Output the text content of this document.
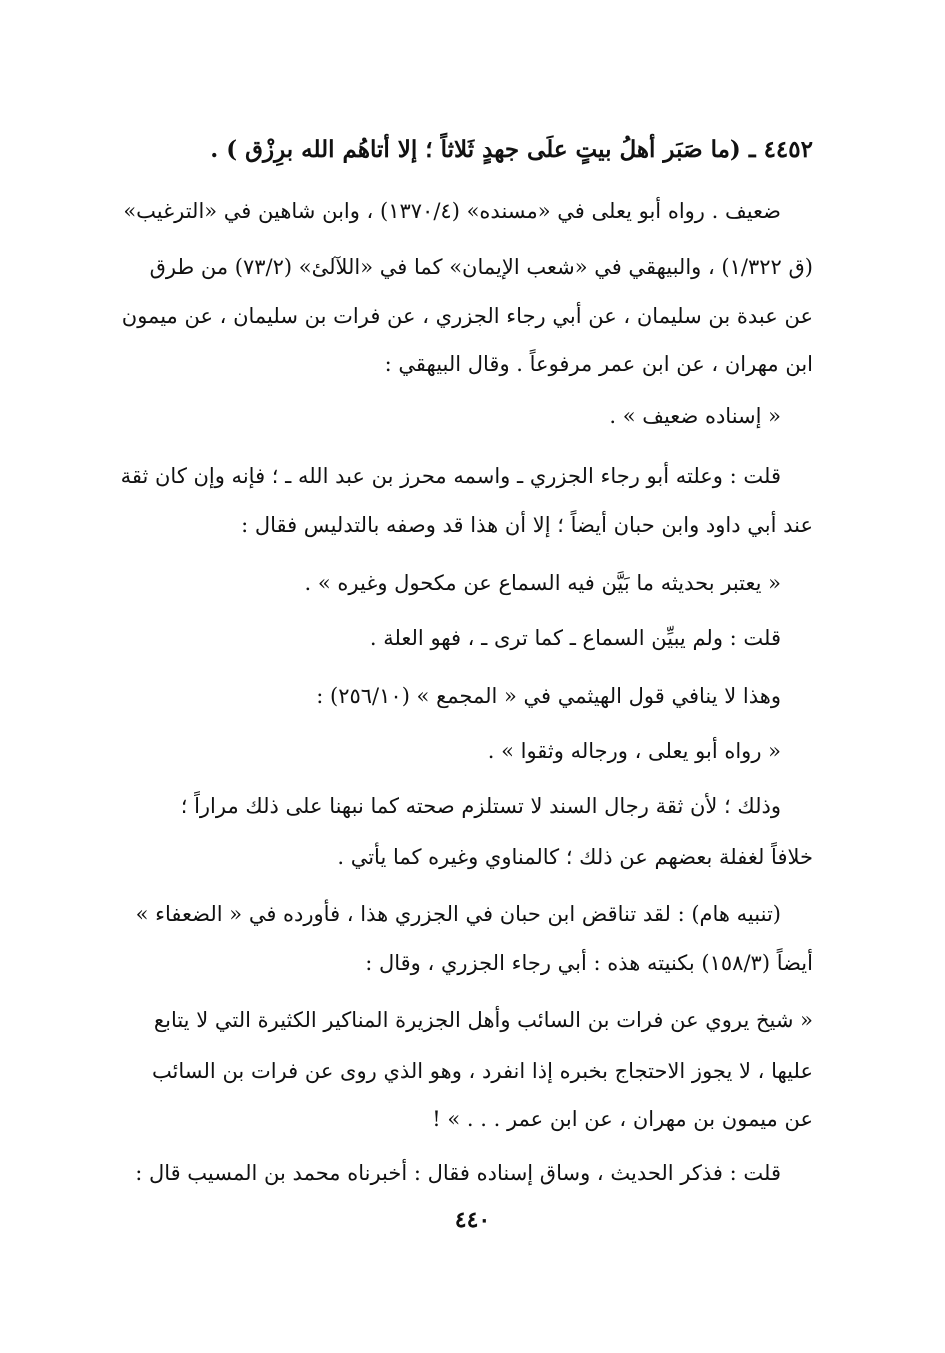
٤٤٥٢ ـ (ما صَبَر أهلُ بيتٍ علَى جهدٍ ثَلاثاً ؛ إلا أتاهُم الله برِزْق ) .
ضعيف . رواه أبو يعلى في «مسنده» (١٣٧٠/٤) ، وابن شاهين في «الترغيب»
(ق ١/٣٢٢) ، والبيهقي في «شعب الإيمان» كما في «اللآلئ» (٧٣/٢) من طرق
عن عبدة بن سليمان ، عن أبي رجاء الجزري ، عن فرات بن سليمان ، عن ميمون
ابن مهران ، عن ابن عمر مرفوعاً . وقال البيهقي :
« إسناده ضعيف » .
قلت : وعلته أبو رجاء الجزري ـ واسمه محرز بن عبد الله ـ ؛ فإنه وإن كان ثقة
عند أبي داود وابن حبان أيضاً ؛ إلا أن هذا قد وصفه بالتدليس فقال :
« يعتبر بحديثه ما بَيَّن فيه السماع عن مكحول وغيره » .
قلت : ولم يبيِّن السماع ـ كما ترى ـ ، فهو العلة .
وهذا لا ينافي قول الهيثمي في « المجمع » (٢٥٦/١٠) :
« رواه أبو يعلى ، ورجاله وثقوا » .
وذلك ؛ لأن ثقة رجال السند لا تستلزم صحته كما نبهنا على ذلك مراراً ؛
خلافاً لغفلة بعضهم عن ذلك ؛ كالمناوي وغيره كما يأتي .
(تنبيه هام) : لقد تناقض ابن حبان في الجزري هذا ، فأورده في « الضعفاء »
أيضاً (١٥٨/٣) بكنيته هذه : أبي رجاء الجزري ، وقال :
« شيخ يروي عن فرات بن السائب وأهل الجزيرة المناكير الكثيرة التي لا يتابع
عليها ، لا يجوز الاحتجاج بخبره إذا انفرد ، وهو الذي روى عن فرات بن السائب
عن ميمون بن مهران ، عن ابن عمر . . . » !
قلت : فذكر الحديث ، وساق إسناده فقال : أخبرناه محمد بن المسيب قال :
٤٤٠
